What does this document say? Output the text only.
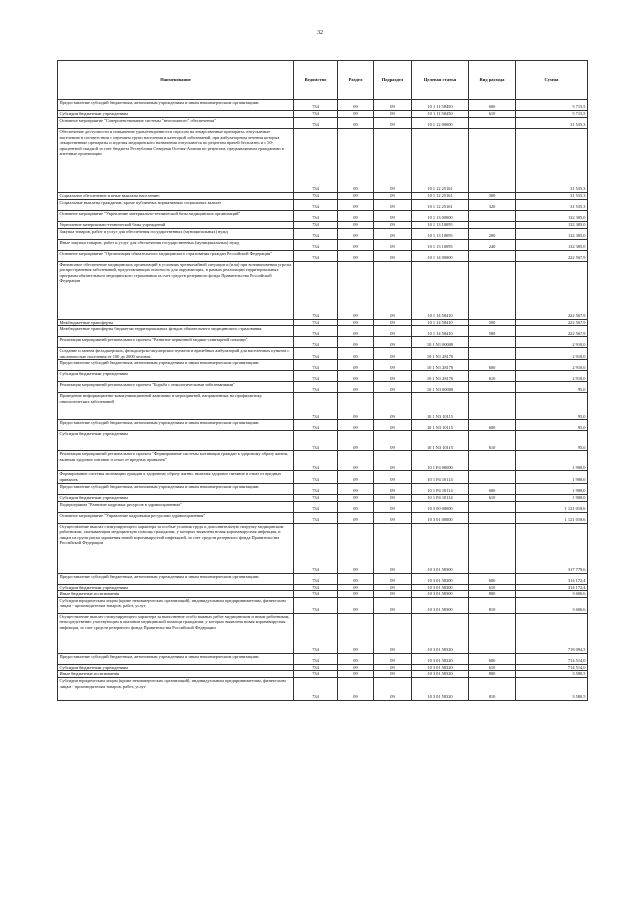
32
Наименование	Ведомство	Раздел	Подраздел	Целевая статья	Вид расхода	Сумма
Предоставление субсидий бюджетным, автономным учреждениям и иным некоммерческим организациям	734	09	09	10 1 11 58450	600	5 715,5
Субсидии бюджетным учреждениям	734	09	09	10 1 11 58450	610	5 715,5
Основное мероприятие "Совершенствование системы "неотложного" обеспечения"	734	09	09	10 1 12 00000		31 535,3
Обеспечение доступности и повышение удовлетворенности спросом на лекарственные препараты, отпускаемые населению в соответствии с перечнем групп населения и категорий заболеваний, при амбулаторном лечении которых лекарственные препараты и изделия медицинского назначения отпускаются по рецептам врачей бесплатно и с 50-процентной скидкой за счет бюджета Республики Северная Осетия-Алания по рецептам, предъявляемым гражданами в аптечные организации	734	09	09	10 1 12 25161		31 535,3
Социальное обеспечение и иные выплаты населению	734	09	09	10 1 12 25161	300	31 535,3
Социальные выплаты гражданам, кроме публичных нормативных социальных выплат	734	09	09	10 1 12 25161	320	31 535,3
Основное мероприятие "Укрепление материально-технической базы медицинских организаций"	734	09	09	10 1 13 00000		132 385,0
Укрепление материально-технической базы учреждений	734	09	09	10 1 13 10095		132 385,0
Закупка товаров, работ и услуг для обеспечения государственных (муниципальных) нужд	734	09	09	10 1 13 10095	200	132 385,0
Иные закупки товаров, работ и услуг для обеспечения государственных (муниципальных) нужд	734	09	09	10 1 13 10095	240	132 385,0
Основное мероприятие "Организация обязательного медицинского страхования граждан Российской Федерации"	734	09	09	10 1 14 00000		222 567,9
Финансовое обеспечение медицинских организаций в условиях чрезвычайной ситуации и (или) при возникновении угрозы распространения заболеваний, представляющих опасность для окружающих, в рамках реализации территориальных программ обязательного медицинского страхования за счет средств резервного фонда Правительства Российской Федерации	734	09	09	10 1 14 58410		222 567,9
Межбюджетные трансферты	734	09	09	10 1 14 58410	500	222 567,9
Межбюджетные трансферты бюджетам территориальных фондов обязательного медицинского страхования	734	09	09	10 1 14 58410	580	222 567,9
Реализация мероприятий регионального проекта "Развитие первичной медико-санитарной помощи"	734	09	09	10 1 N1 00000		2 910,0
Создание и замена фельдшерских, фельдшерско-акушерских пунктов и врачебных амбулаторий для населенных пунктов с численностью населения от 100 до 2000 человек	734	09	09	10 1 N1 28170		2 910,0
Предоставление субсидий бюджетным, автономным учреждениям и иным некоммерческим организациям	734	09	09	10 1 N1 28170	600	2 910,0
Субсидии бюджетным учреждениям	734	09	09	10 1 N1 28170	610	2 910,0
Реализация мероприятий регионального проекта "Борьба с онкологическими заболеваниями"	734	09	09	10 1 N3 00000		95,0
Проведение информационно-коммуникационной кампании и мероприятий, направленных на профилактику онкологических заболеваний	734	09	09	10 1 N3 10115		95,0
Предоставление субсидий бюджетным, автономным учреждениям и иным некоммерческим организациям	734	09	09	10 1 N3 10115	600	95,0
Субсидии бюджетным учреждениям	734	09	09	10 1 N3 10115	610	95,0
Реализация мероприятий регионального проекта "Формирование системы мотивации граждан к здоровому образу жизни, включая здоровое питание и отказ от вредных привычек"	734	09	09	10 1 P4 00000		1 900,0
Формирование системы мотивации граждан к здоровому образу жизни, включая здоровое питание и отказ от вредных привычек	734	09	09	10 1 P4 10114		1 900,0
Предоставление субсидий бюджетным, автономным учреждениям и иным некоммерческим организациям	734	09	09	10 1 P4 10114	600	1 900,0
Субсидии бюджетным учреждениям	734	09	09	10 1 P4 10114	610	1 900,0
Подпрограмма "Развитие кадровых ресурсов в здравоохранении"	734	09	09	10 3 00 00000		1 121 018,6
Основное мероприятие "Управление кадровыми ресурсами здравоохранения"	734	09	09	10 3 01 00000		1 121 018,6
Осуществление выплат стимулирующего характера за особые условия труда и дополнительную нагрузку медицинским работникам, оказывающим медицинскую помощь гражданам, у которых выявлена новая коронавирусная инфекция, и лицам из групп риска заражения новой коронавирусной инфекцией, за счет средств резервного фонда Правительства Российской Федерации	734	09	09	10 3 01 58300		317 779,6
Предоставление субсидий бюджетным, автономным учреждениям и иным некоммерческим организациям	734	09	09	10 3 01 58300	600	314 172,4
Субсидии бюджетным учреждениям	734	09	09	10 3 01 58300	610	314 172,4
Иные бюджетные ассигнования	734	09	09	10 3 01 58300	800	3 606,6
Субсидии юридическим лицам (кроме некоммерческих организаций), индивидуальным предпринимателям, физическим лицам - производителям товаров, работ, услуг	734	09	09	10 3 01 58300	810	3 606,6
Осуществление выплат стимулирующего характера за выполнение особо важных работ медицинским и иным работникам, непосредственно участвующим в оказании медицинской помощи гражданам, у которых выявлена новая коронавирусная инфекция, за счет средств резервного фонда Правительства Российской Федерации	734	09	09	10 3 01 58320		718 094,5
Предоставление субсидий бюджетным, автономным учреждениям и иным некоммерческим организациям	734	09	09	10 3 01 58320	600	714 514,0
Субсидии бюджетным учреждениям	734	09	09	10 3 01 58320	610	714 514,0
Иные бюджетные ассигнования	734	09	09	10 3 01 58320	800	3 580,5
Субсидии юридическим лицам (кроме некоммерческих организаций), индивидуальным предпринимателям, физическим лицам - производителям товаров, работ, услуг	734	09	09	10 3 01 58320	810	3 580,5
